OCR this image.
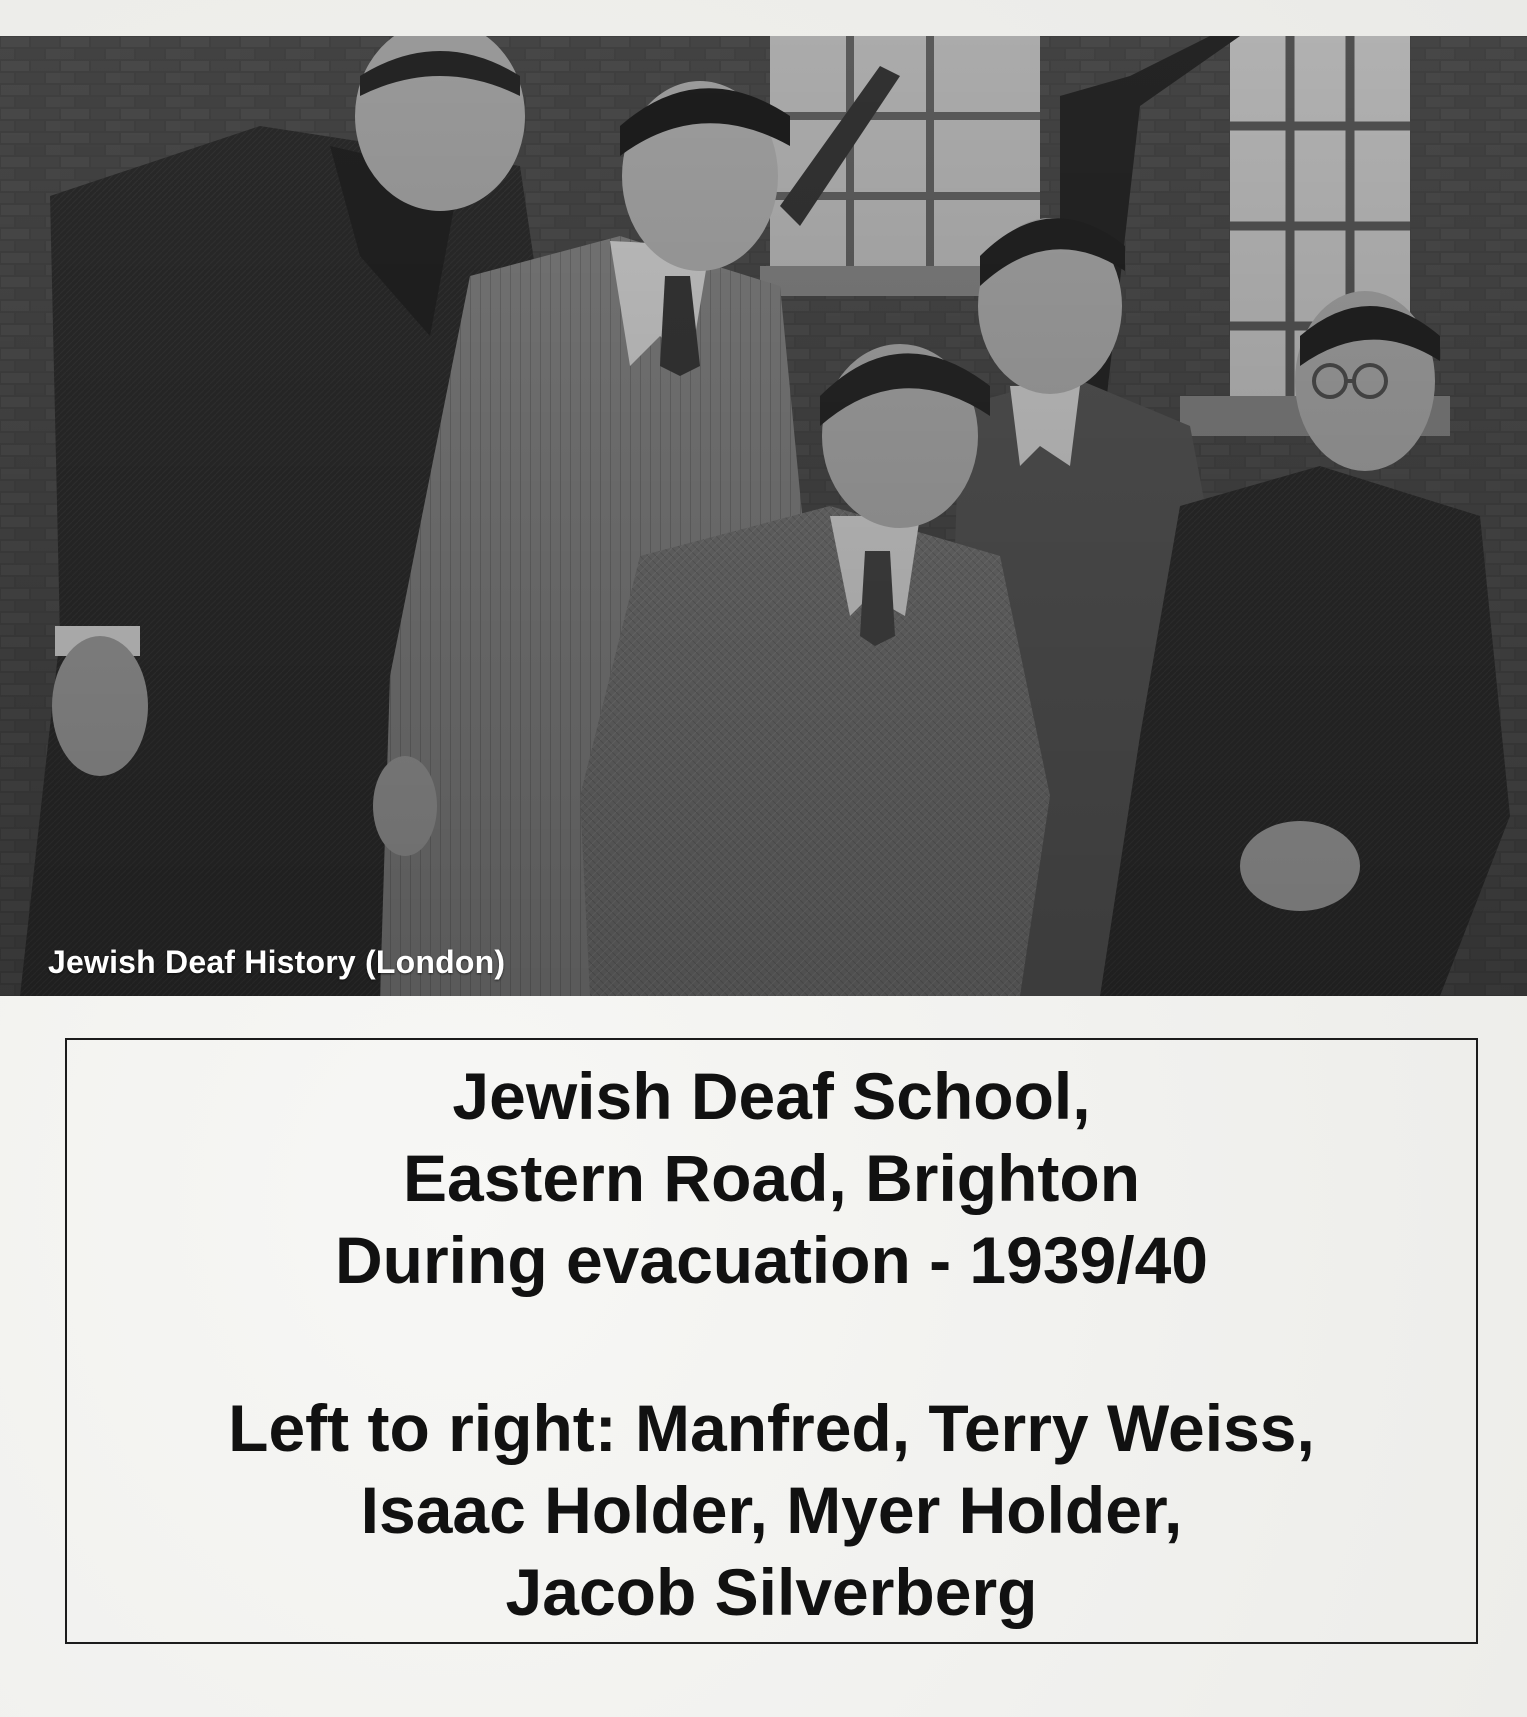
Jewish Deaf History (London)
Jewish Deaf School,
Eastern Road, Brighton
During evacuation - 1939/40
Left to right: Manfred, Terry Weiss,
Isaac Holder, Myer Holder,
Jacob Silverberg
